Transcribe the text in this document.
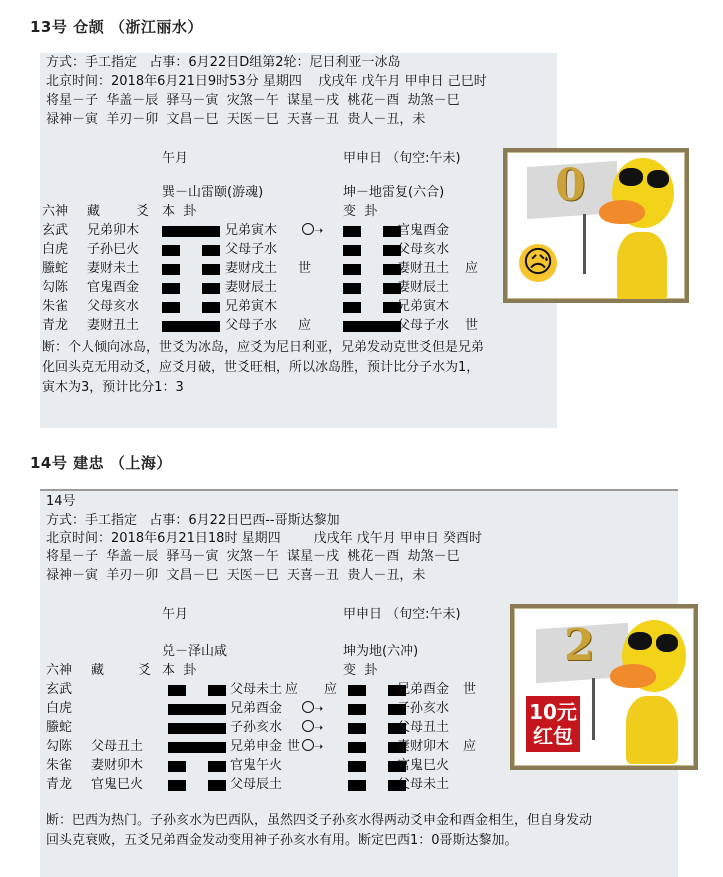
13号 仓颉 （浙江丽水）
方式：手工指定   占事：6月22日D组第2轮：尼日利亚一冰岛
北京时间：2018年6月21日9时53分 星期四    戊戌年 戊午月 甲申日 己巳时
将星－子  华盖－辰  驿马－寅  灾煞－午  谋星－戌  桃花－酉  劫煞－巳
禄神－寅  羊刃－卯  文昌－巳  天医－巳  天喜－丑  贵人－丑，未
午月	甲申日 （旬空:午未)
巽－山雷颐(游魂)	坤－地雷复(六合)
六神 藏	爻 本  卦	变  卦
玄武 兄弟卯木	兄弟寅木	➝	官鬼酉金
白虎 子孙巳火	父母子水	父母亥水
螣蛇 妻财未土	妻财戌土 世	妻财丑土 应
勾陈 官鬼酉金	妻财辰土	妻财辰土
朱雀 父母亥水	兄弟寅木	兄弟寅木
青龙 妻财丑土	父母子水 应	父母子水 世
断：个人倾向冰岛，世爻为冰岛，应爻为尼日利亚，兄弟发动克世爻但是兄弟
化回头克无用动爻，应爻月破，世爻旺相，所以冰岛胜，预计比分子水为1，
寅木为3，预计比分1：3
0
😥
14号 建忠 （上海）
14号
方式：手工指定   占事：6月22日巴西--哥斯达黎加
北京时间：2018年6月21日18时 星期四        戊戌年 戊午月 甲申日 癸酉时
将星－子  华盖－辰  驿马－寅  灾煞－午  谋星－戌  桃花－酉  劫煞－巳
禄神－寅  羊刃－卯  文昌－巳  天医－巳  天喜－丑  贵人－丑，未
午月	甲申日 （旬空:午未)
兑－泽山咸	坤为地(六冲)
六神 藏	爻 本  卦	变  卦
玄武	父母未土 应 应	兄弟酉金 世
白虎	兄弟酉金	➝	子孙亥水
螣蛇	子孙亥水	➝	父母丑土
勾陈 父母丑土	兄弟申金 世	➝	妻财卯木 应
朱雀 妻财卯木	官鬼午火	官鬼巳火
青龙 官鬼巳火	父母辰土	父母未土
断：巴西为热门。子孙亥水为巴西队，虽然四爻子孙亥水得两动爻申金和酉金相生，但自身发动
回头克衰败，五爻兄弟酉金发动变用神子孙亥水有用。断定巴西1：0哥斯达黎加。
2
10元
红包
